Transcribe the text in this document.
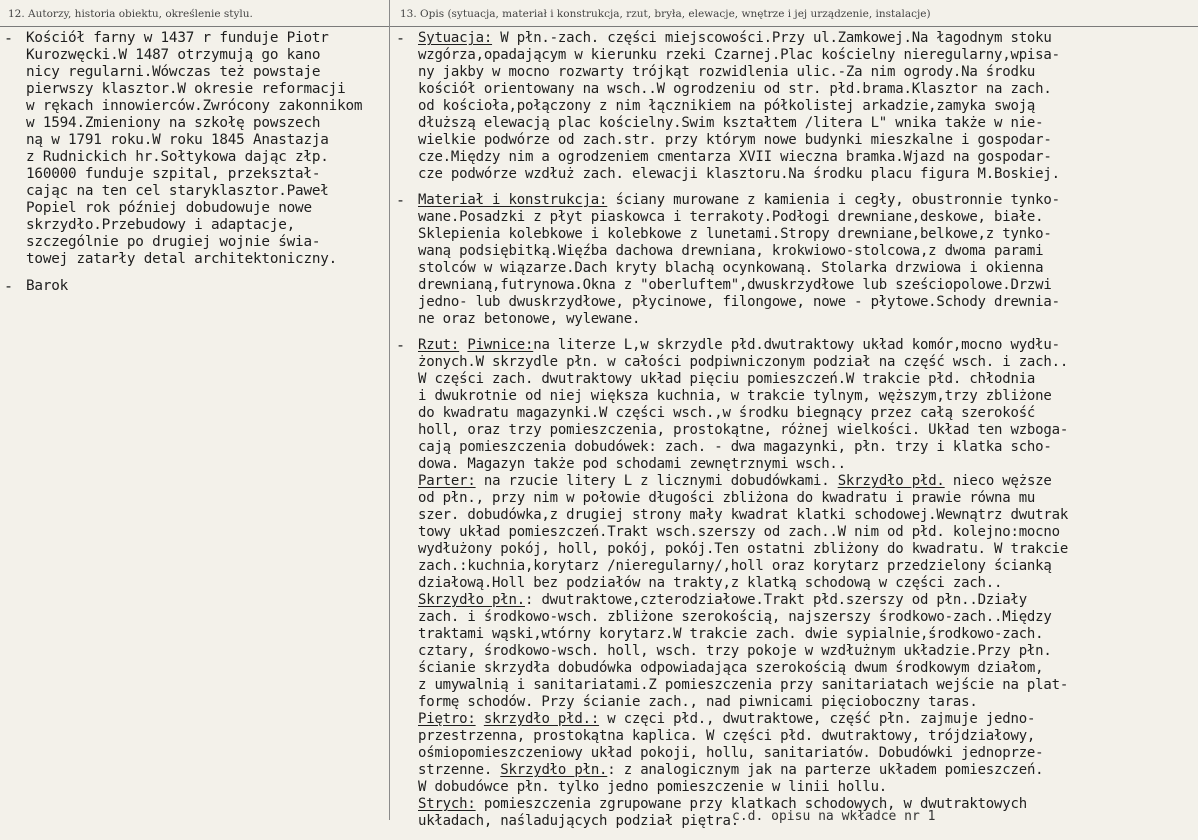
12. Autorzy, historia obiektu, określenie stylu.	13. Opis (sytuacja, materiał i konstrukcja, rzut, bryła, elewacje, wnętrze i jej urządzenie, instalacje)
- Kościół farny w 1437 r funduje Piotr
Kurozwęcki.W 1487 otrzymują go kano
nicy regularni.Wówczas też powstaje
pierwszy klasztor.W okresie reformacji
w rękach innowierców.Zwrócony zakonnikom
w 1594.Zmieniony na szkołę powszech
ną w 1791 roku.W roku 1845 Anastazja
z Rudnickich hr.Sołtykowa dając złp.
160000 funduje szpital, przekształ-
cając na ten cel staryklasztor.Paweł
Popiel rok później dobudowuje nowe
skrzydło.Przebudowy i adaptacje,
szczególnie po drugiej wojnie świa-
towej zatarły detal architektoniczny.
- Barok
- Sytuacja: W płn.-zach. części miejscowości.Przy ul.Zamkowej.Na łagodnym stoku
wzgórza,opadającym w kierunku rzeki Czarnej.Plac kościelny nieregularny,wpisa-
ny jakby w mocno rozwarty trójkąt rozwidlenia ulic.-Za nim ogrody.Na środku
kościół orientowany na wsch..W ogrodzeniu od str. płd.brama.Klasztor na zach.
od kościoła,połączony z nim łącznikiem na półkolistej arkadzie,zamyka swoją
dłuższą elewacją plac kościelny.Swim kształtem /litera L" wnika także w nie-
wielkie podwórze od zach.str. przy którym nowe budynki mieszkalne i gospodar-
cze.Między nim a ogrodzeniem cmentarza XVII wieczna bramka.Wjazd na gospodar-
cze podwórze wzdłuż zach. elewacji klasztoru.Na środku placu figura M.Boskiej.
- Materiał i konstrukcja: ściany murowane z kamienia i cegły, obustronnie tynko-
wane.Posadzki z płyt piaskowca i terrakoty.Podłogi drewniane,deskowe, białe.
Sklepienia kolebkowe i kolebkowe z lunetami.Stropy drewniane,belkowe,z tynko-
waną podsiębitką.Więźba dachowa drewniana, krokwiowo-stolcowa,z dwoma parami
stolców w wiązarze.Dach kryty blachą ocynkowaną. Stolarka drzwiowa i okienna
drewnianą,futrynowa.Okna z "oberluftem",dwuskrzydłowe lub sześciopolowe.Drzwi
jedno- lub dwuskrzydłowe, płycinowe, filongowe, nowe - płytowe.Schody drewnia-
ne oraz betonowe, wylewane.
- Rzut: Piwnice:na literze L,w skrzydle płd.dwutraktowy układ komór,mocno wydłu-
żonych.W skrzydle płn. w całości podpiwniczonym podział na część wsch. i zach..
W części zach. dwutraktowy układ pięciu pomieszczeń.W trakcie płd. chłodnia
i dwukrotnie od niej większa kuchnia, w trakcie tylnym, węższym,trzy zbliżone
do kwadratu magazynki.W części wsch.,w środku biegnący przez całą szerokość
holl, oraz trzy pomieszczenia, prostokątne, różnej wielkości. Układ ten wzboga-
cają pomieszczenia dobudówek: zach. - dwa magazynki, płn. trzy i klatka scho-
dowa. Magazyn także pod schodami zewnętrznymi wsch..
Parter: na rzucie litery L z licznymi dobudówkami. Skrzydło płd. nieco węższe
od płn., przy nim w połowie długości zbliżona do kwadratu i prawie równa mu
szer. dobudówka,z drugiej strony mały kwadrat klatki schodowej.Wewnątrz dwutrak
towy układ pomieszczeń.Trakt wsch.szerszy od zach..W nim od płd. kolejno:mocno
wydłużony pokój, holl, pokój, pokój.Ten ostatni zbliżony do kwadratu. W trakcie
zach.:kuchnia,korytarz /nieregularny/,holl oraz korytarz przedzielony ścianką
działową.Holl bez podziałów na trakty,z klatką schodową w części zach..
Skrzydło płn.: dwutraktowe,czterodziałowe.Trakt płd.szerszy od płn..Działy
zach. i środkowo-wsch. zbliżone szerokością, najszerszy środkowo-zach..Między
traktami wąski,wtórny korytarz.W trakcie zach. dwie sypialnie,środkowo-zach.
cztary, środkowo-wsch. holl, wsch. trzy pokoje w wzdłużnym układzie.Przy płn.
ścianie skrzydła dobudówka odpowiadająca szerokością dwum środkowym działom,
z umywalnią i sanitariatami.Z pomieszczenia przy sanitariatach wejście na plat-
formę schodów. Przy ścianie zach., nad piwnicami pięcioboczny taras.
Piętro: skrzydło płd.: w częci płd., dwutraktowe, część płn. zajmuje jedno-
przestrzenna, prostokątna kaplica. W części płd. dwutraktowy, trójdziałowy,
ośmiopomieszczeniowy układ pokoji, hollu, sanitariatów. Dobudówki jednoprze-
strzenne. Skrzydło płn.: z analogicznym jak na parterze układem pomieszczeń.
W dobudówce płn. tylko jedno pomieszczenie w linii hollu.
Strych: pomieszczenia zgrupowane przy klatkach schodowych, w dwutraktowych
układach, naśladujących podział piętra.
c.d. opisu na wkładce nr 1
